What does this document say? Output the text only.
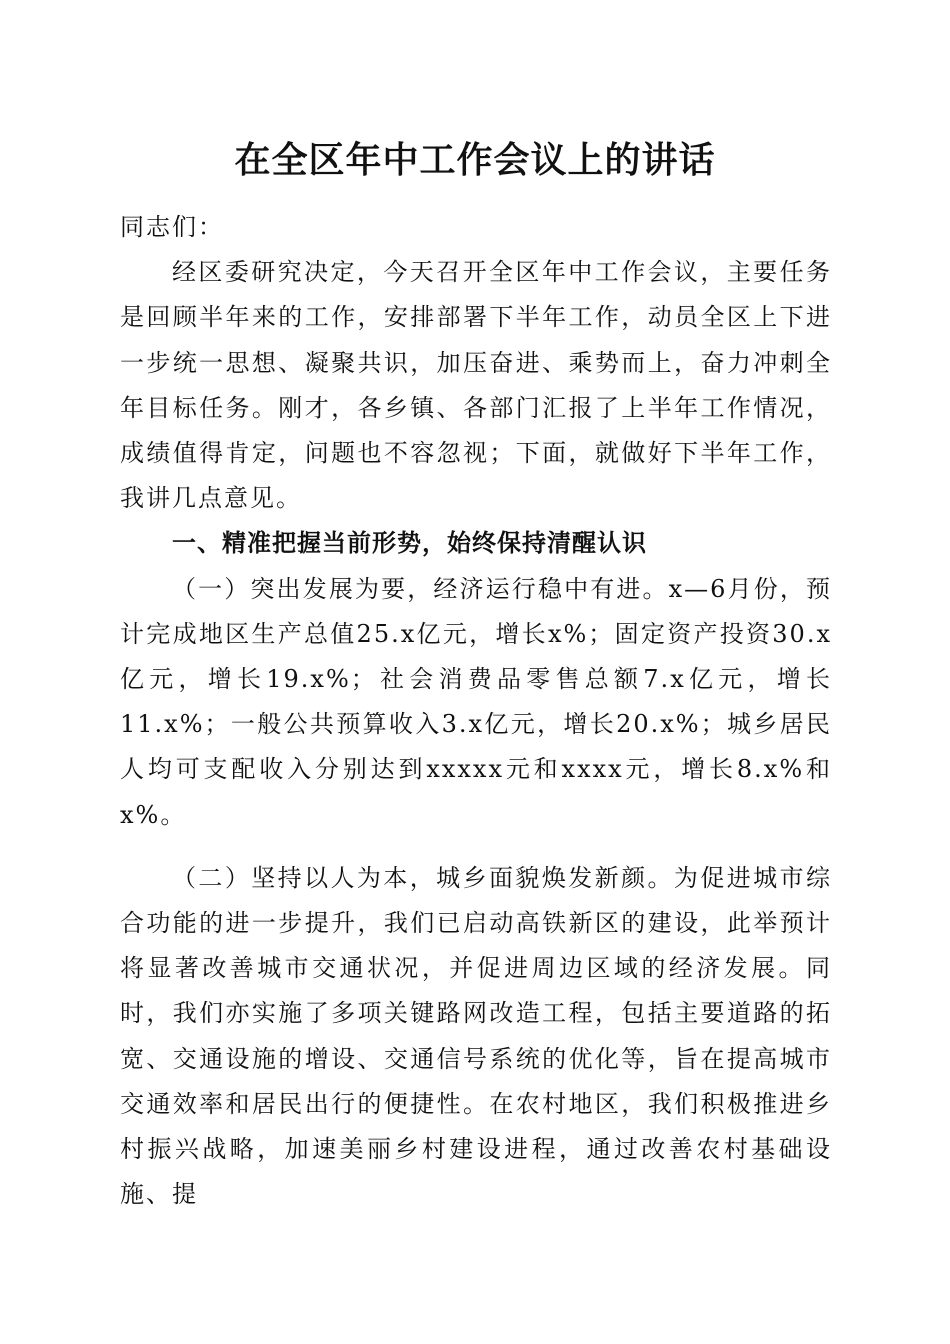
在全区年中工作会议上的讲话

同志们：

经区委研究决定，今天召开全区年中工作会议，主要任务是回顾半年来的工作，安排部署下半年工作，动员全区上下进一步统一思想、凝聚共识，加压奋进、乘势而上，奋力冲刺全年目标任务。刚才，各乡镇、各部门汇报了上半年工作情况，成绩值得肯定，问题也不容忽视；下面，就做好下半年工作，我讲几点意见。

一、精准把握当前形势，始终保持清醒认识

（一）突出发展为要，经济运行稳中有进。x—6月份，预计完成地区生产总值25.x亿元，增长x%；固定资产投资30.x亿元，增长19.x%；社会消费品零售总额7.x亿元，增长11.x%；一般公共预算收入3.x亿元，增长20.x%；城乡居民人均可支配收入分别达到xxxxx元和xxxx元，增长8.x%和x%。

（二）坚持以人为本，城乡面貌焕发新颜。为促进城市综合功能的进一步提升，我们已启动高铁新区的建设，此举预计将显著改善城市交通状况，并促进周边区域的经济发展。同时，我们亦实施了多项关键路网改造工程，包括主要道路的拓宽、交通设施的增设、交通信号系统的优化等，旨在提高城市交通效率和居民出行的便捷性。在农村地区，我们积极推进乡村振兴战略，加速美丽乡村建设进程，通过改善农村基础设施、提
